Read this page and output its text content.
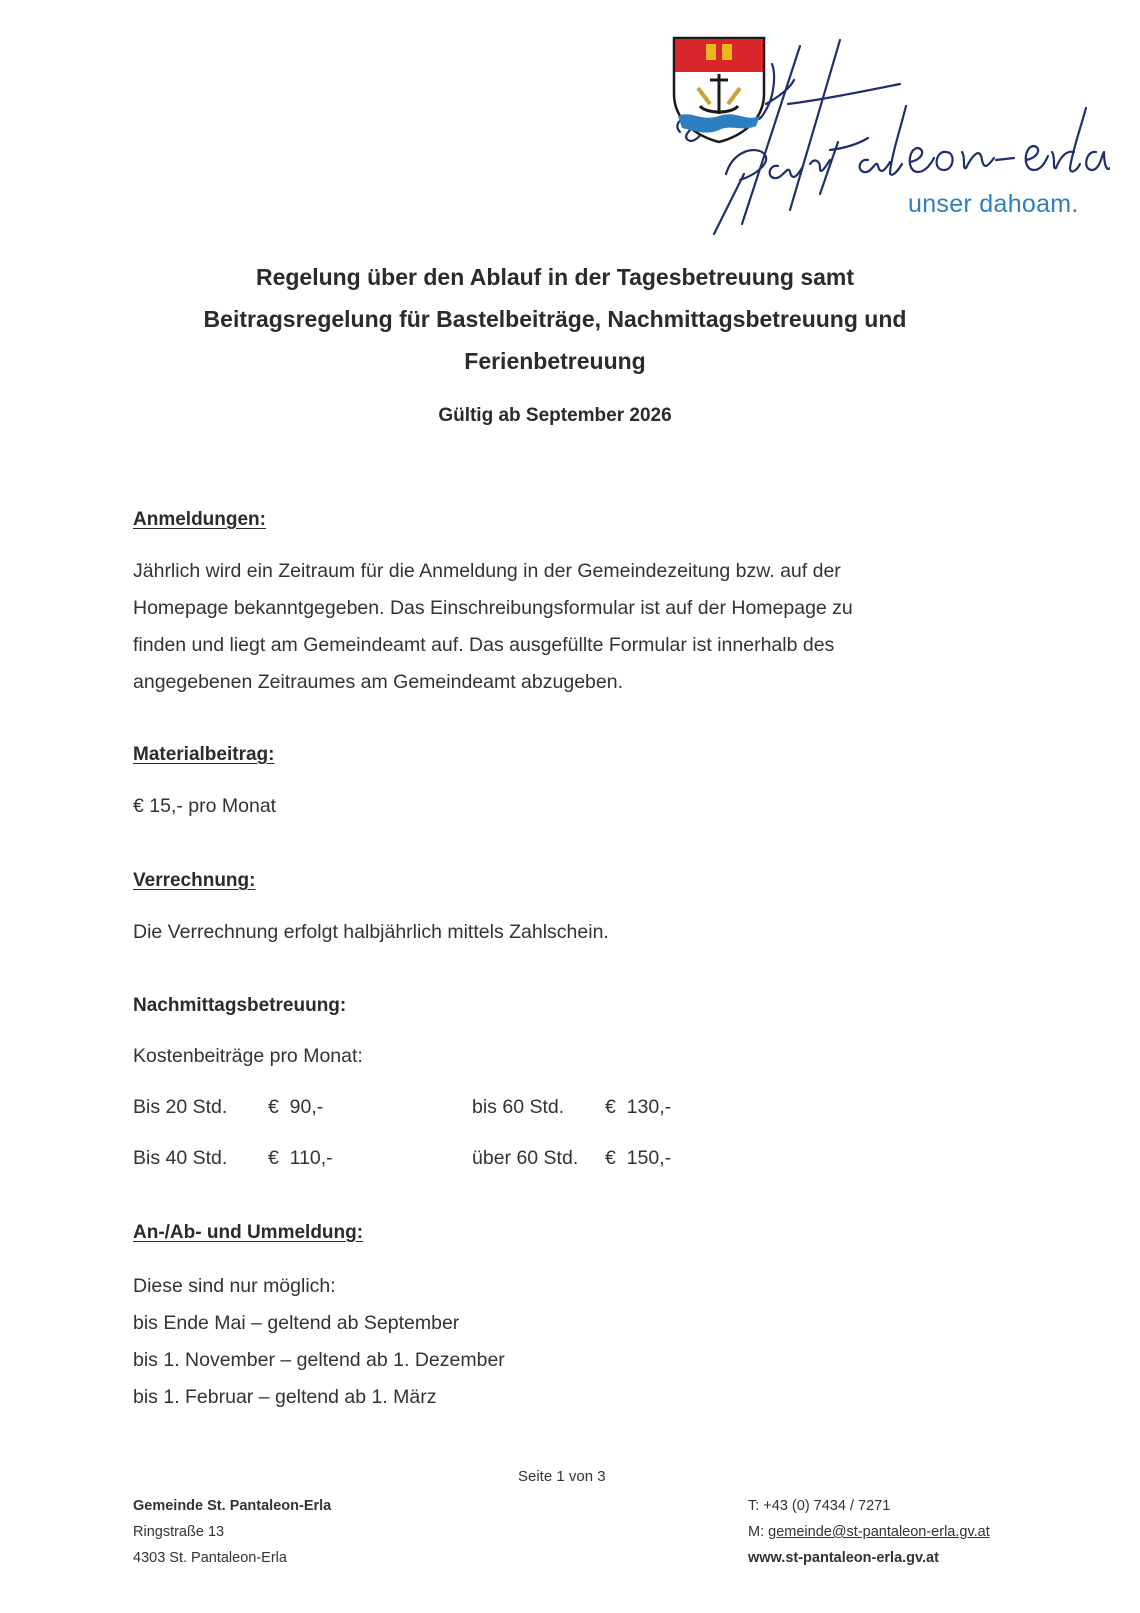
unser dahoam.
Regelung über den Ablauf in der Tagesbetreuung samt
Beitragsregelung für Bastelbeiträge, Nachmittagsbetreuung und
Ferienbetreuung
Gültig ab September 2026
Anmeldungen:
Jährlich wird ein Zeitraum für die Anmeldung in der Gemeindezeitung bzw. auf der
Homepage bekanntgegeben. Das Einschreibungsformular ist auf der Homepage zu
finden und liegt am Gemeindeamt auf. Das ausgefüllte Formular ist innerhalb des
angegebenen Zeitraumes am Gemeindeamt abzugeben.
Materialbeitrag:
€ 15,- pro Monat
Verrechnung:
Die Verrechnung erfolgt halbjährlich mittels Zahlschein.
Nachmittagsbetreuung:
Kostenbeiträge pro Monat:
Bis 20 Std. €  90,-	bis 60 Std. €  130,-
Bis 40 Std. €  110,-	über 60 Std. €  150,-
An-/Ab- und Ummeldung:
Diese sind nur möglich:
bis Ende Mai – geltend ab September
bis 1. November – geltend ab 1. Dezember
bis 1. Februar – geltend ab 1. März
Seite 1 von 3
Gemeinde St. Pantaleon-Erla
Ringstraße 13
4303 St. Pantaleon-Erla
T: +43 (0) 7434 / 7271
M: gemeinde@st-pantaleon-erla.gv.at
www.st-pantaleon-erla.gv.at
